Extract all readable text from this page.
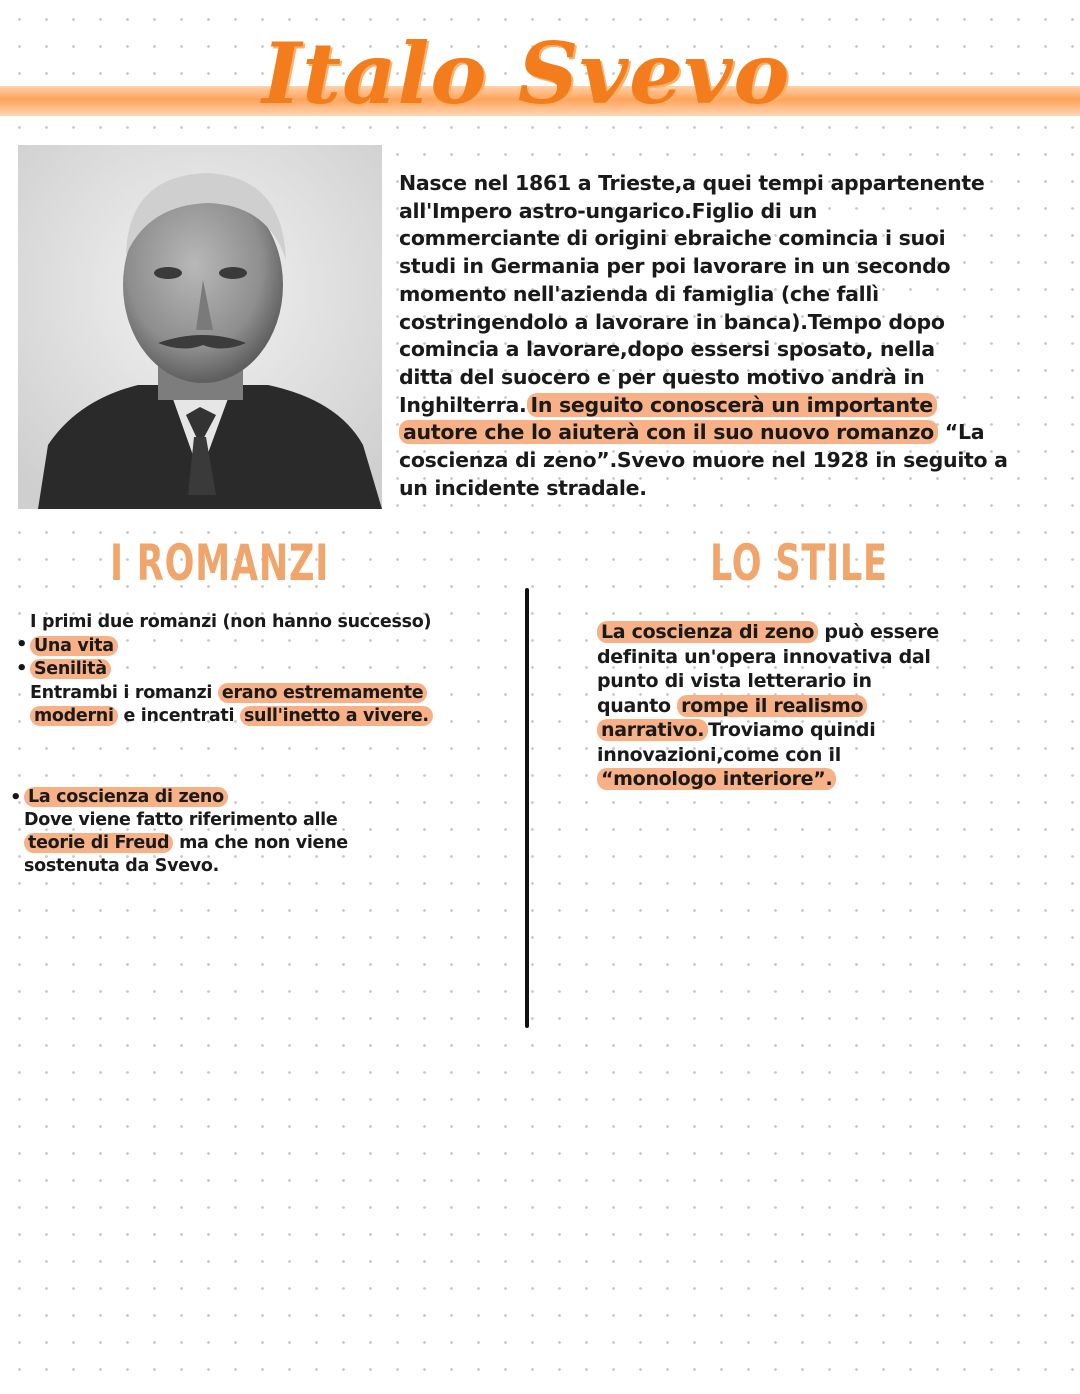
Italo Svevo
Nasce nel 1861 a Trieste,a quei tempi appartenente
all'Impero astro-ungarico.Figlio di un
commerciante di origini ebraiche comincia i suoi
studi in Germania per poi lavorare in un secondo
momento nell'azienda di famiglia (che fallì
costringendolo a lavorare in banca).Tempo dopo
comincia a lavorare,dopo essersi sposato, nella
ditta del suocero e per questo motivo andrà in
Inghilterra. In seguito conoscerà un importante
autore che lo aiuterà con il suo nuovo romanzo “La
coscienza di zeno”.Svevo muore nel 1928 in seguito a
un incidente stradale.
I ROMANZI	LO STILE
I primi due romanzi (non hanno successo)
Una vita
Senilità
Entrambi i romanzi erano estremamente
moderni e incentrati sull'inetto a vivere.
•
•
• La coscienza di zeno
Dove viene fatto riferimento alle
teorie di Freud ma che non viene
sostenuta da Svevo.
La coscienza di zeno può essere
definita un'opera innovativa dal
punto di vista letterario in
quanto rompe il realismo
narrativo. Troviamo quindi
innovazioni,come con il
“monologo interiore”.
